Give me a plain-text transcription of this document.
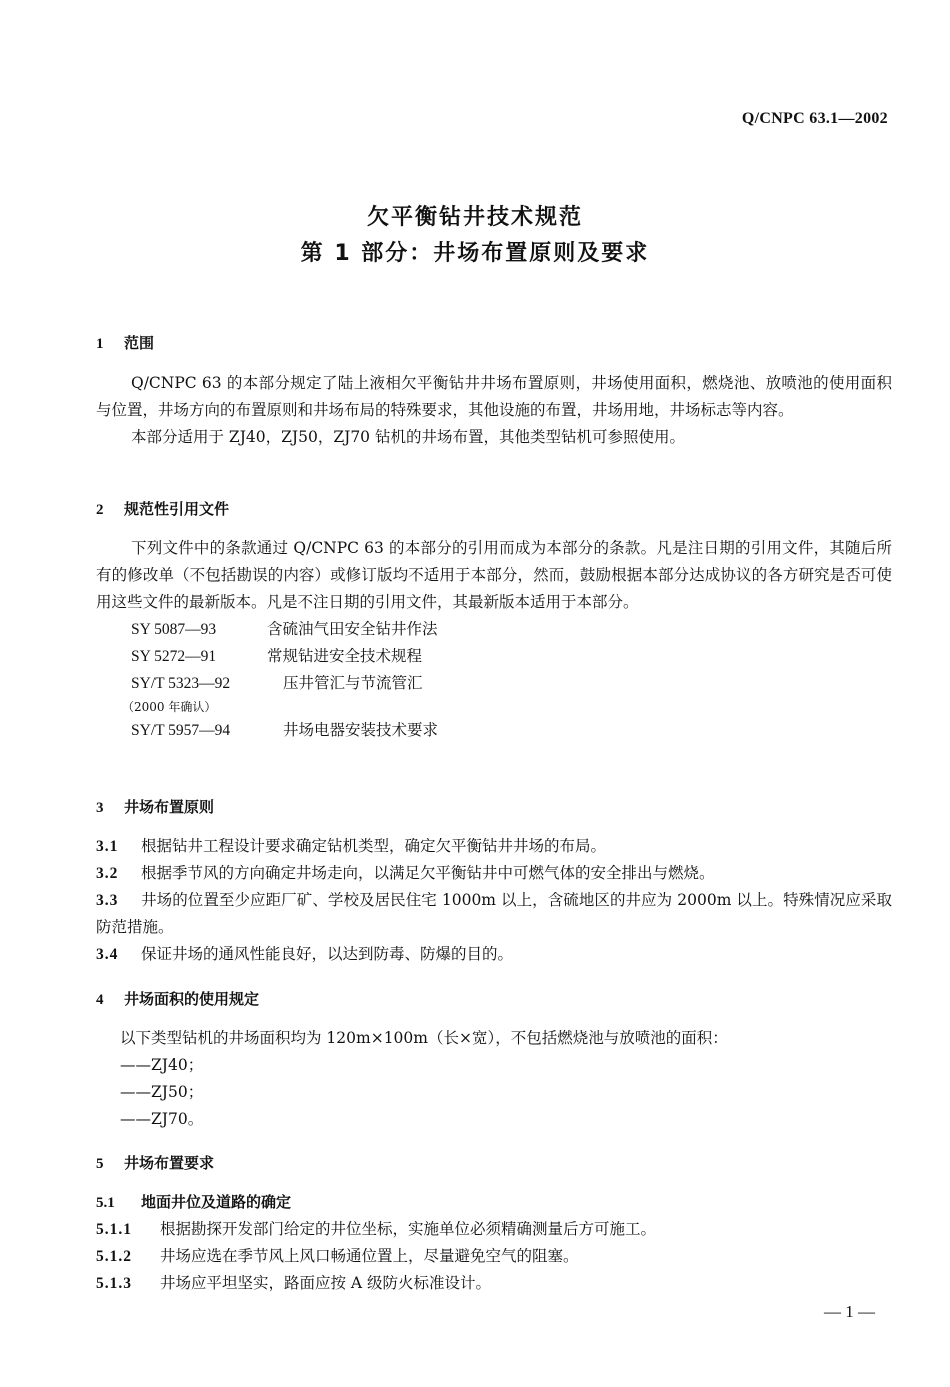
Q/CNPC 63.1—2002
欠平衡钻井技术规范
第 1 部分：井场布置原则及要求
1 范围
Q/CNPC 63 的本部分规定了陆上液相欠平衡钻井井场布置原则，井场使用面积，燃烧池、放喷池的使用面积与位置，井场方向的布置原则和井场布局的特殊要求，其他设施的布置，井场用地，井场标志等内容。
本部分适用于 ZJ40，ZJ50，ZJ70 钻机的井场布置，其他类型钻机可参照使用。
2 规范性引用文件
下列文件中的条款通过 Q/CNPC 63 的本部分的引用而成为本部分的条款。凡是注日期的引用文件，其随后所有的修改单（不包括勘误的内容）或修订版均不适用于本部分，然而，鼓励根据本部分达成协议的各方研究是否可使用这些文件的最新版本。凡是不注日期的引用文件，其最新版本适用于本部分。
SY 5087—93	含硫油气田安全钻井作法
SY 5272—91	常规钻进安全技术规程
SY/T 5323—92	压井管汇与节流管汇
（2000 年确认）
SY/T 5957—94	井场电器安装技术要求
3 井场布置原则
3.1 根据钻井工程设计要求确定钻机类型，确定欠平衡钻井井场的布局。
3.2 根据季节风的方向确定井场走向，以满足欠平衡钻井中可燃气体的安全排出与燃烧。
3.3 井场的位置至少应距厂矿、学校及居民住宅 1000m 以上，含硫地区的井应为 2000m 以上。特殊情况应采取防范措施。
3.4 保证井场的通风性能良好，以达到防毒、防爆的目的。
4 井场面积的使用规定
以下类型钻机的井场面积均为 120m×100m（长×宽），不包括燃烧池与放喷池的面积：
——ZJ40；
——ZJ50；
——ZJ70。
5 井场布置要求
5.1 地面井位及道路的确定
5.1.1 根据勘探开发部门给定的井位坐标，实施单位必须精确测量后方可施工。
5.1.2 井场应选在季节风上风口畅通位置上，尽量避免空气的阻塞。
5.1.3 井场应平坦坚实，路面应按 A 级防火标准设计。
— 1 —
